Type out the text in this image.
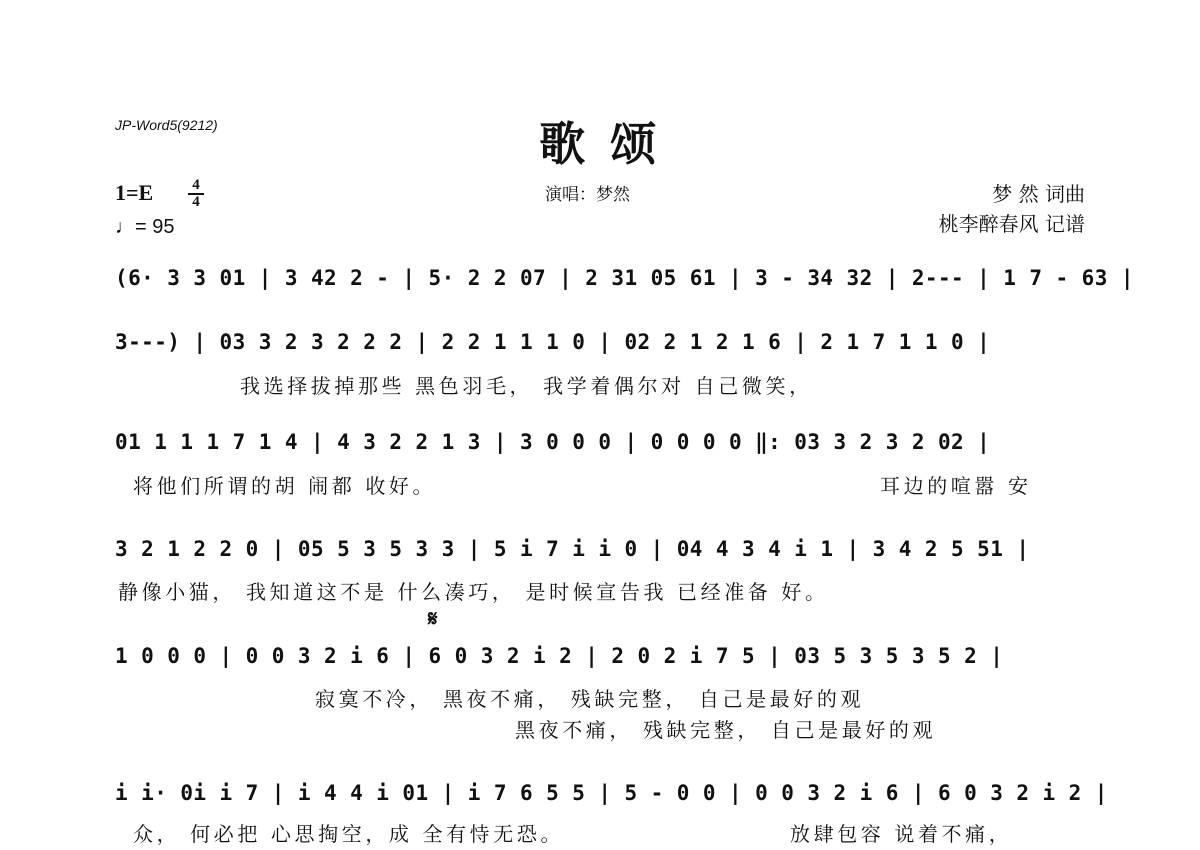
JP-Word5(9212)	歌 颂
1=E	4
4
♩= 95
演唱：梦然	梦 然 词曲
桃李醉春风 记谱
(6· 3 3 01 | 3 42 2 - | 5· 2 2 07 | 2 31 05 61 | 3 - 34 32 | 2--- | 1 7 - 63 |
3---) | 03 3 2 3 2 2 2 | 2 2 1 1 1 0 | 02 2 1 2 1 6 | 2 1 7 1 1 0 |
我选择拔掉那些 黑色羽毛， 我学着偶尔对 自己微笑，
01 1 1 1 7 1 4 | 4 3 2 2 1 3 | 3 0 0 0 | 0 0 0 0 ‖: 03 3 2 3 2 02 |
将他们所谓的胡 闹都 收好。	耳边的喧嚣 安
3 2 1 2 2 0 | 05 5 3 5 3 3 | 5 i 7 i i 0 | 04 4 3 4 i 1 | 3 4 2 5 51 |
静像小猫， 我知道这不是 什么凑巧， 是时候宣告我 已经准备 好。
𝄋
1 0 0 0 | 0 0 3 2 i 6 | 6 0 3 2 i 2 | 2 0 2 i 7 5 | 03 5 3 5 3 5 2 |
寂寞不冷， 黑夜不痛， 残缺完整， 自己是最好的观
黑夜不痛， 残缺完整， 自己是最好的观
i i· 0i i 7 | i 4 4 i 01 | i 7 6 5 5 | 5 - 0 0 | 0 0 3 2 i 6 | 6 0 3 2 i 2 |
众， 何必把 心思掏空，成 全有恃无恐。	放肆包容 说着不痛，
